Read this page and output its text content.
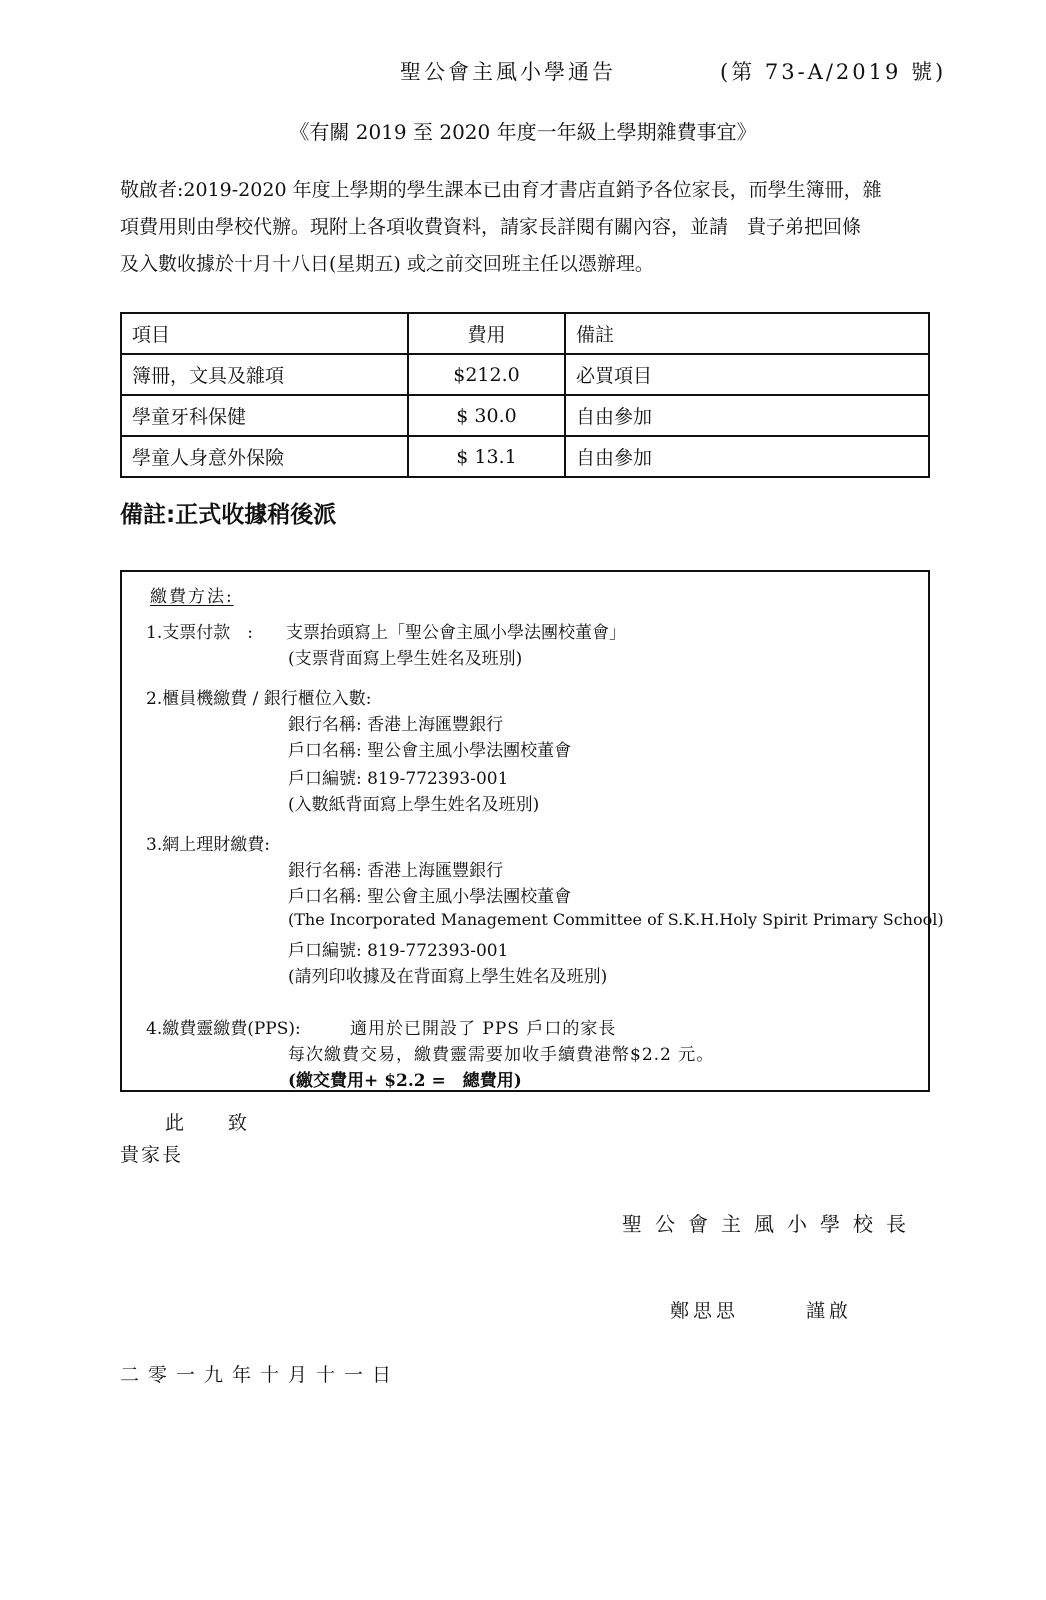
聖公會主風小學通告	(第 73-A/2019 號)
《有關 2019 至 2020 年度一年級上學期雜費事宜》

敬啟者:2019-2020 年度上學期的學生課本已由育才書店直銷予各位家長，而學生簿冊，雜

項費用則由學校代辦。現附上各項收費資料，請家長詳閱有關內容，並請　貴子弟把回條

及入數收據於十月十八日(星期五) 或之前交回班主任以憑辦理。

項目	費用	備註
簿冊，文具及雜項	$212.0	必買項目
學童牙科保健	$ 30.0	自由參加
學童人身意外保險	$ 13.1	自由參加
備註:正式收據稍後派
繳費方法:
1.支票付款　: 支票抬頭寫上「聖公會主風小學法團校董會」
(支票背面寫上學生姓名及班別)
2.櫃員機繳費 / 銀行櫃位入數:
銀行名稱: 香港上海匯豐銀行
戶口名稱: 聖公會主風小學法團校董會
戶口編號: 819-772393-001
(入數紙背面寫上學生姓名及班別)
3.網上理財繳費:
銀行名稱: 香港上海匯豐銀行
戶口名稱: 聖公會主風小學法團校董會
(The Incorporated Management Committee of S.K.H.Holy Spirit Primary School)
戶口編號: 819-772393-001
(請列印收據及在背面寫上學生姓名及班別)
4.繳費靈繳費(PPS):	適用於已開設了 PPS 戶口的家長
每次繳費交易，繳費靈需要加收手續費港幣$2.2 元。
(繳交費用+ $2.2 =　總費用)
此 致
貴家長
聖公會主風小學校長
鄭思思	謹啟
二零一九年十月十一日
